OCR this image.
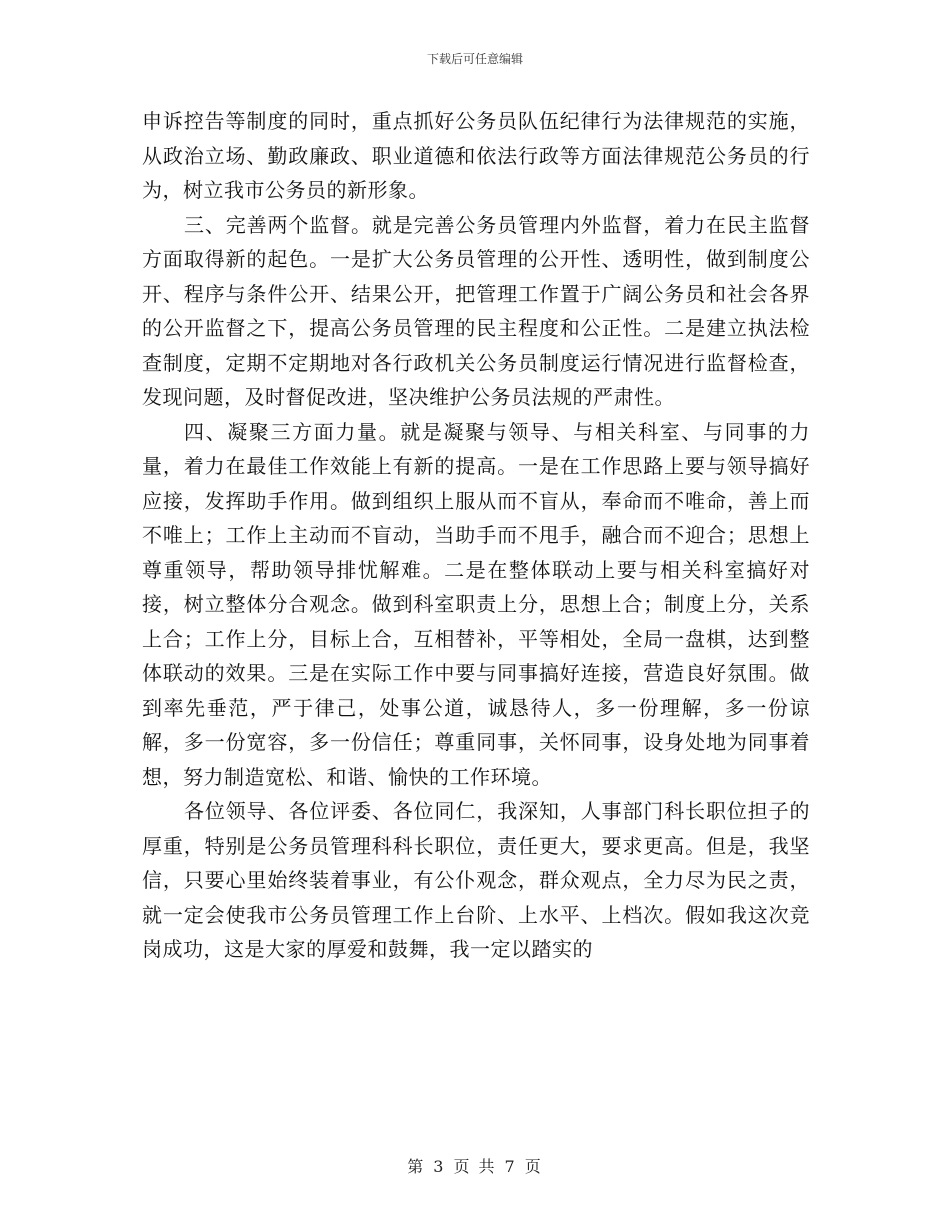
下载后可任意编辑

申诉控告等制度的同时，重点抓好公务员队伍纪律行为法律规范的实施，从政治立场、勤政廉政、职业道德和依法行政等方面法律规范公务员的行为，树立我市公务员的新形象。

三、完善两个监督。就是完善公务员管理内外监督，着力在民主监督方面取得新的起色。一是扩大公务员管理的公开性、透明性，做到制度公开、程序与条件公开、结果公开，把管理工作置于广阔公务员和社会各界的公开监督之下，提高公务员管理的民主程度和公正性。二是建立执法检查制度，定期不定期地对各行政机关公务员制度运行情况进行监督检查，发现问题，及时督促改进，坚决维护公务员法规的严肃性。

四、凝聚三方面力量。就是凝聚与领导、与相关科室、与同事的力量，着力在最佳工作效能上有新的提高。一是在工作思路上要与领导搞好应接，发挥助手作用。做到组织上服从而不盲从，奉命而不唯命，善上而不唯上；工作上主动而不盲动，当助手而不甩手，融合而不迎合；思想上尊重领导，帮助领导排忧解难。二是在整体联动上要与相关科室搞好对接，树立整体分合观念。做到科室职责上分，思想上合；制度上分，关系上合；工作上分，目标上合，互相替补，平等相处，全局一盘棋，达到整体联动的效果。三是在实际工作中要与同事搞好连接，营造良好氛围。做到率先垂范，严于律己，处事公道，诚恳待人，多一份理解，多一份谅解，多一份宽容，多一份信任；尊重同事，关怀同事，设身处地为同事着想，努力制造宽松、和谐、愉快的工作环境。

各位领导、各位评委、各位同仁，我深知，人事部门科长职位担子的厚重，特别是公务员管理科科长职位，责任更大，要求更高。但是，我坚信，只要心里始终装着事业，有公仆观念，群众观点，全力尽为民之责，就一定会使我市公务员管理工作上台阶、上水平、上档次。假如我这次竞岗成功，这是大家的厚爱和鼓舞，我一定以踏实的

第 3 页 共 7 页
